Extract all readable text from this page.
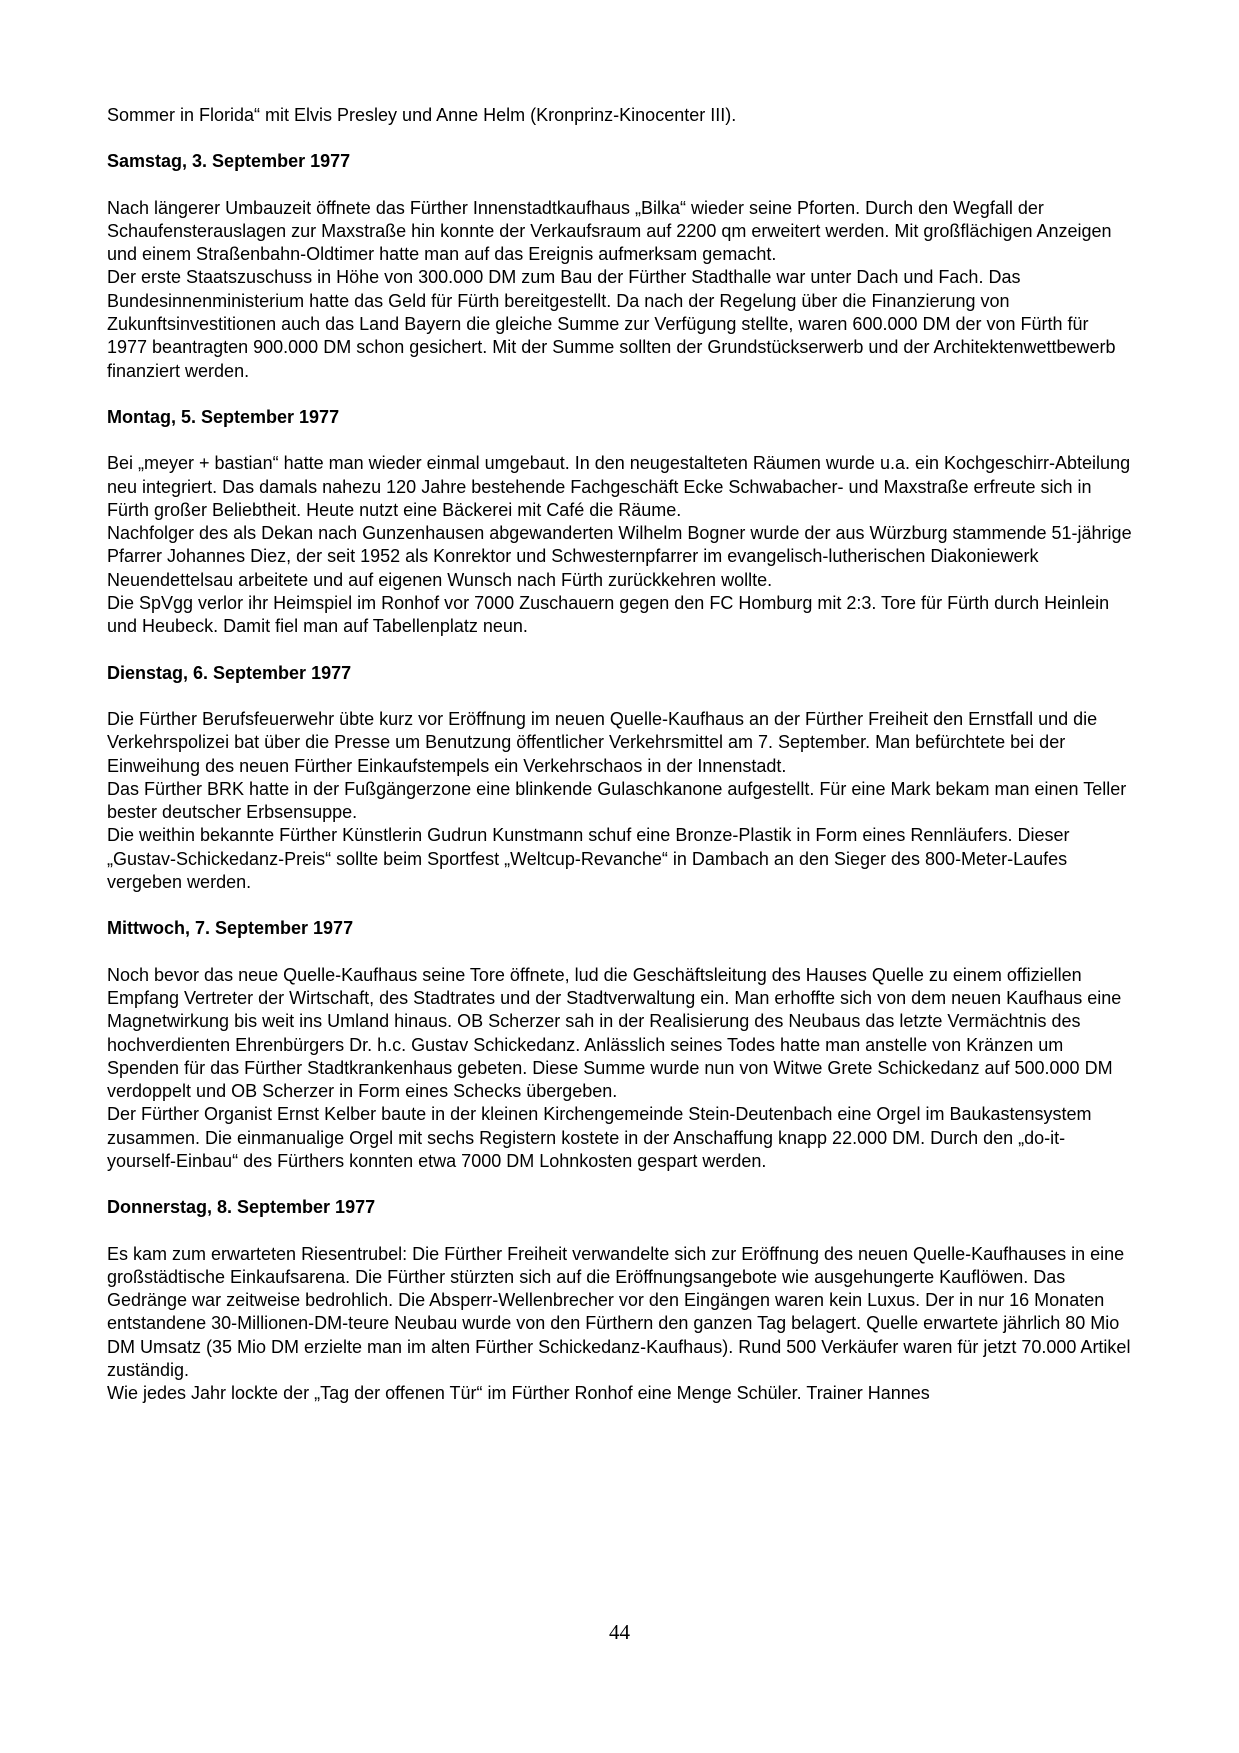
Sommer in Florida“ mit Elvis Presley und Anne Helm (Kronprinz-Kinocenter III).

Samstag, 3. September 1977

Nach längerer Umbauzeit öffnete das Fürther Innenstadtkaufhaus „Bilka“ wieder seine Pforten. Durch den Wegfall der Schaufensterauslagen zur Maxstraße hin konnte der Verkaufsraum auf 2200 qm erweitert werden. Mit großflächigen Anzeigen und einem Straßenbahn-Oldtimer hatte man auf das Ereignis aufmerksam gemacht.

Der erste Staatszuschuss in Höhe von 300.000 DM zum Bau der Fürther Stadthalle war unter Dach und Fach. Das Bundesinnenministerium hatte das Geld für Fürth bereitgestellt. Da nach der Regelung über die Finanzierung von Zukunftsinvestitionen auch das Land Bayern die gleiche Summe zur Verfügung stellte, waren 600.000 DM der von Fürth für 1977 beantragten 900.000 DM schon gesichert. Mit der Summe sollten der Grundstückserwerb und der Architektenwettbewerb finanziert werden.

Montag, 5. September 1977

Bei „meyer + bastian“ hatte man wieder einmal umgebaut. In den neugestalteten Räumen wurde u.a. ein Kochgeschirr-Abteilung neu integriert. Das damals nahezu 120 Jahre bestehende Fachgeschäft Ecke Schwabacher- und Maxstraße erfreute sich in Fürth großer Beliebtheit. Heute nutzt eine Bäckerei mit Café die Räume.

Nachfolger des als Dekan nach Gunzenhausen abgewanderten Wilhelm Bogner wurde der aus Würzburg stammende 51-jährige Pfarrer Johannes Diez, der seit 1952 als Konrektor und Schwesternpfarrer im evangelisch-lutherischen Diakoniewerk Neuendettelsau arbeitete und auf eigenen Wunsch nach Fürth zurückkehren wollte.

Die SpVgg verlor ihr Heimspiel im Ronhof vor 7000 Zuschauern gegen den FC Homburg mit 2:3. Tore für Fürth durch Heinlein und Heubeck. Damit fiel man auf Tabellenplatz neun.

Dienstag, 6. September 1977

Die Fürther Berufsfeuerwehr übte kurz vor Eröffnung im neuen Quelle-Kaufhaus an der Fürther Freiheit den Ernstfall und die Verkehrspolizei bat über die Presse um Benutzung öffentlicher Verkehrsmittel am 7. September. Man befürchtete bei der Einweihung des neuen Fürther Einkaufstempels ein Verkehrschaos in der Innenstadt.

Das Fürther BRK hatte in der Fußgängerzone eine blinkende Gulaschkanone aufgestellt. Für eine Mark bekam man einen Teller bester deutscher Erbsensuppe.

Die weithin bekannte Fürther Künstlerin Gudrun Kunstmann schuf eine Bronze-Plastik in Form eines Rennläufers. Dieser „Gustav-Schickedanz-Preis“ sollte beim Sportfest „Weltcup-Revanche“ in Dambach an den Sieger des 800-Meter-Laufes vergeben werden.

Mittwoch, 7. September 1977

Noch bevor das neue Quelle-Kaufhaus seine Tore öffnete, lud die Geschäftsleitung des Hauses Quelle zu einem offiziellen Empfang Vertreter der Wirtschaft, des Stadtrates und der Stadtverwaltung ein. Man erhoffte sich von dem neuen Kaufhaus eine Magnetwirkung bis weit ins Umland hinaus. OB Scherzer sah in der Realisierung des Neubaus das letzte Vermächtnis des hochverdienten Ehrenbürgers Dr. h.c. Gustav Schickedanz. Anlässlich seines Todes hatte man anstelle von Kränzen um Spenden für das Fürther Stadtkrankenhaus gebeten. Diese Summe wurde nun von Witwe Grete Schickedanz auf 500.000 DM verdoppelt und OB Scherzer in Form eines Schecks übergeben.

Der Fürther Organist Ernst Kelber baute in der kleinen Kirchengemeinde Stein-Deutenbach eine Orgel im Baukastensystem zusammen. Die einmanualige Orgel mit sechs Registern kostete in der Anschaffung knapp 22.000 DM. Durch den „do-it-yourself-Einbau“ des Fürthers konnten etwa 7000 DM Lohnkosten gespart werden.

Donnerstag, 8. September 1977

Es kam zum erwarteten Riesentrubel: Die Fürther Freiheit verwandelte sich zur Eröffnung des neuen Quelle-Kaufhauses in eine großstädtische Einkaufsarena. Die Fürther stürzten sich auf die Eröffnungsangebote wie ausgehungerte Kauflöwen. Das Gedränge war zeitweise bedrohlich. Die Absperr-Wellenbrecher vor den Eingängen waren kein Luxus. Der in nur 16 Monaten entstandene 30-Millionen-DM-teure Neubau wurde von den Fürthern den ganzen Tag belagert. Quelle erwartete jährlich 80 Mio DM Umsatz (35 Mio DM erzielte man im alten Fürther Schickedanz-Kaufhaus). Rund 500 Verkäufer waren für jetzt 70.000 Artikel zuständig.

Wie jedes Jahr lockte der „Tag der offenen Tür“ im Fürther Ronhof eine Menge Schüler. Trainer Hannes

44
